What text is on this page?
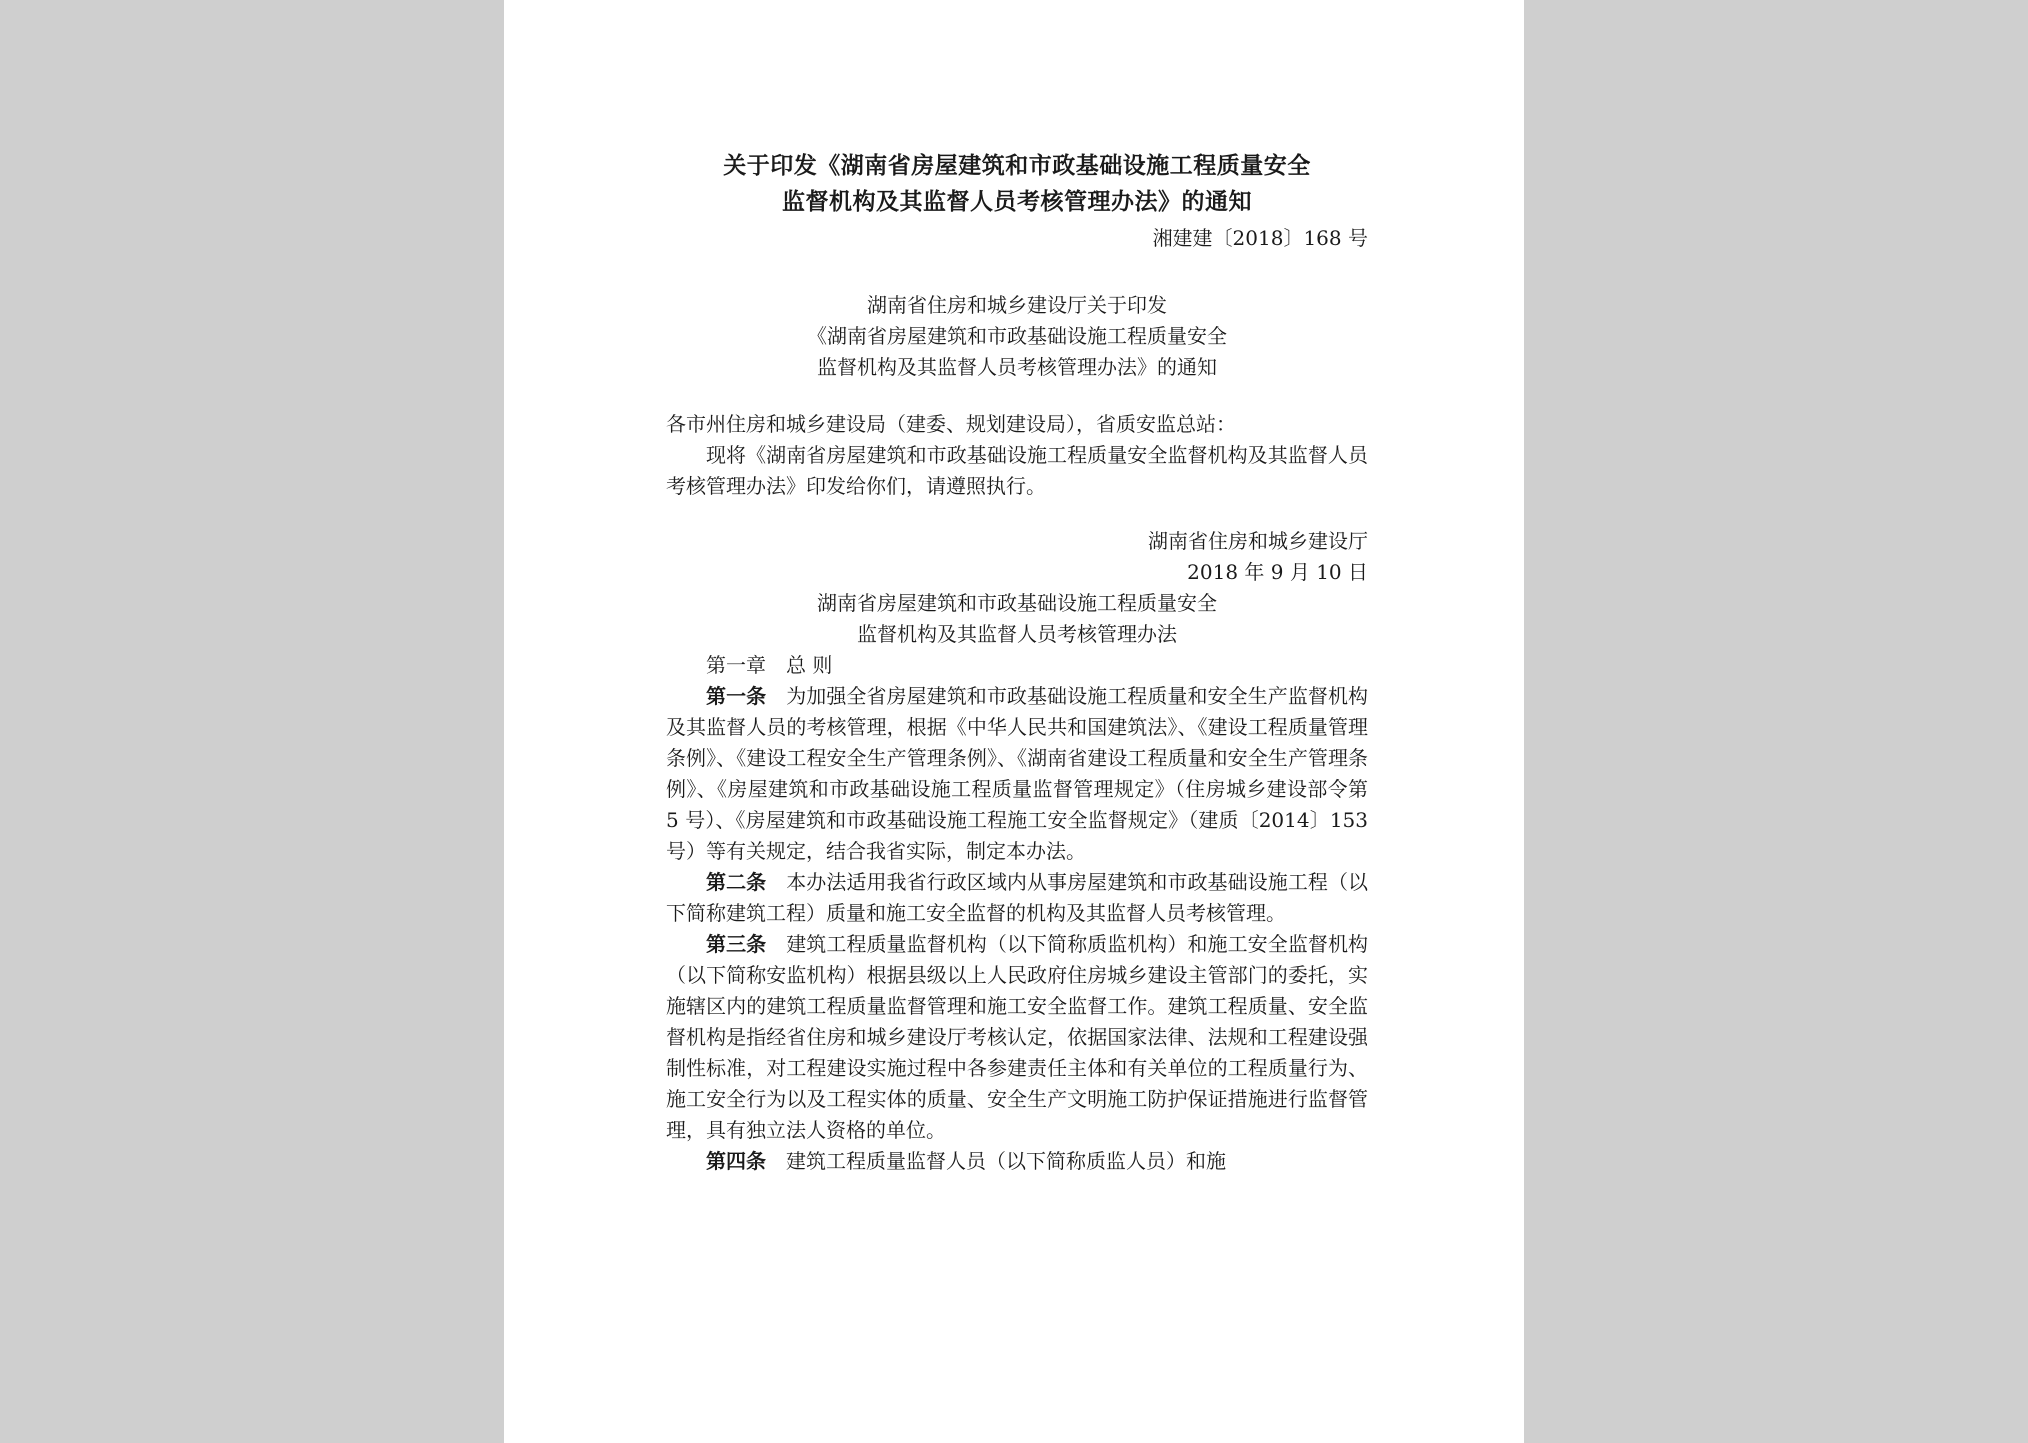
关于印发《湖南省房屋建筑和市政基础设施工程质量安全
监督机构及其监督人员考核管理办法》的通知
湘建建〔2018〕168 号
湖南省住房和城乡建设厅关于印发
《湖南省房屋建筑和市政基础设施工程质量安全
监督机构及其监督人员考核管理办法》的通知
各市州住房和城乡建设局（建委、规划建设局），省质安监总站：

现将《湖南省房屋建筑和市政基础设施工程质量安全监督机构及其监督人员考核管理办法》印发给你们，请遵照执行。

湖南省住房和城乡建设厅
2018 年 9 月 10 日
湖南省房屋建筑和市政基础设施工程质量安全
监督机构及其监督人员考核管理办法
第一章　总 则

第一条 为加强全省房屋建筑和市政基础设施工程质量和安全生产监督机构及其监督人员的考核管理，根据《中华人民共和国建筑法》、《建设工程质量管理条例》、《建设工程安全生产管理条例》、《湖南省建设工程质量和安全生产管理条例》、《房屋建筑和市政基础设施工程质量监督管理规定》（住房城乡建设部令第 5 号）、《房屋建筑和市政基础设施工程施工安全监督规定》（建质〔2014〕153 号）等有关规定，结合我省实际，制定本办法。

第二条 本办法适用我省行政区域内从事房屋建筑和市政基础设施工程（以下简称建筑工程）质量和施工安全监督的机构及其监督人员考核管理。

第三条 建筑工程质量监督机构（以下简称质监机构）和施工安全监督机构（以下简称安监机构）根据县级以上人民政府住房城乡建设主管部门的委托，实施辖区内的建筑工程质量监督管理和施工安全监督工作。建筑工程质量、安全监督机构是指经省住房和城乡建设厅考核认定，依据国家法律、法规和工程建设强制性标准，对工程建设实施过程中各参建责任主体和有关单位的工程质量行为、施工安全行为以及工程实体的质量、安全生产文明施工防护保证措施进行监督管理，具有独立法人资格的单位。

第四条 建筑工程质量监督人员（以下简称质监人员）和施
